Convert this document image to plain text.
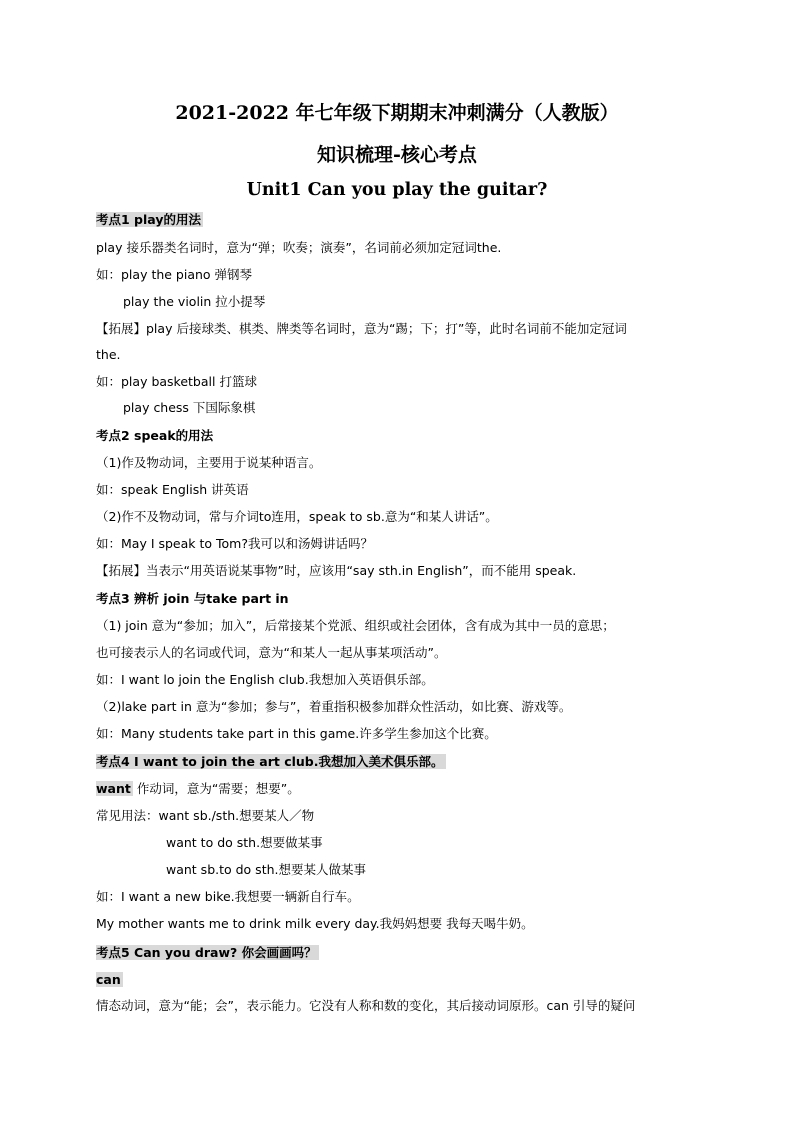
2021-2022 年七年级下期期末冲刺满分（人教版）
知识梳理-核心考点
Unit1 Can you play the guitar?
考点1 play的用法
play 接乐器类名词时，意为“弹；吹奏；演奏”，名词前必须加定冠词the.
如：play the piano 弹钢琴
play the violin 拉小提琴
【拓展】play 后接球类、棋类、牌类等名词时，意为“踢；下；打”等，此时名词前不能加定冠词
the.
如：play basketball 打篮球
play chess 下国际象棋
考点2 speak的用法
（1)作及物动词，主要用于说某种语言。
如：speak English 讲英语
（2)作不及物动词，常与介词to连用，speak to sb.意为“和某人讲话”。
如：May I speak to Tom?我可以和汤姆讲话吗？
【拓展】当表示“用英语说某事物”时，应该用“say sth.in English”，而不能用 speak.
考点3 辨析 join 与take part in
（1) join 意为“参加；加入”，后常接某个党派、组织或社会团体，含有成为其中一员的意思；
也可接表示人的名词或代词，意为“和某人一起从事某项活动”。
如：I want lo join the English club.我想加入英语俱乐部。
（2)lake part in 意为“参加；参与”，着重指积极参加群众性活动，如比赛、游戏等。
如：Many students take part in this game.许多学生参加这个比赛。
考点4 I want to join the art club.我想加入美术俱乐部。
want 作动词，意为“需要；想要”。
常见用法：want sb./sth.想要某人／物
want to do sth.想要做某事
want sb.to do sth.想要某人做某事
如：I want a new bike.我想要一辆新自行车。
My mother wants me to drink milk every day.我妈妈想要 我每天喝牛奶。
考点5 Can you draw? 你会画画吗？
can
情态动词，意为“能；会”，表示能力。它没有人称和数的变化，其后接动词原形。can 引导的疑问
